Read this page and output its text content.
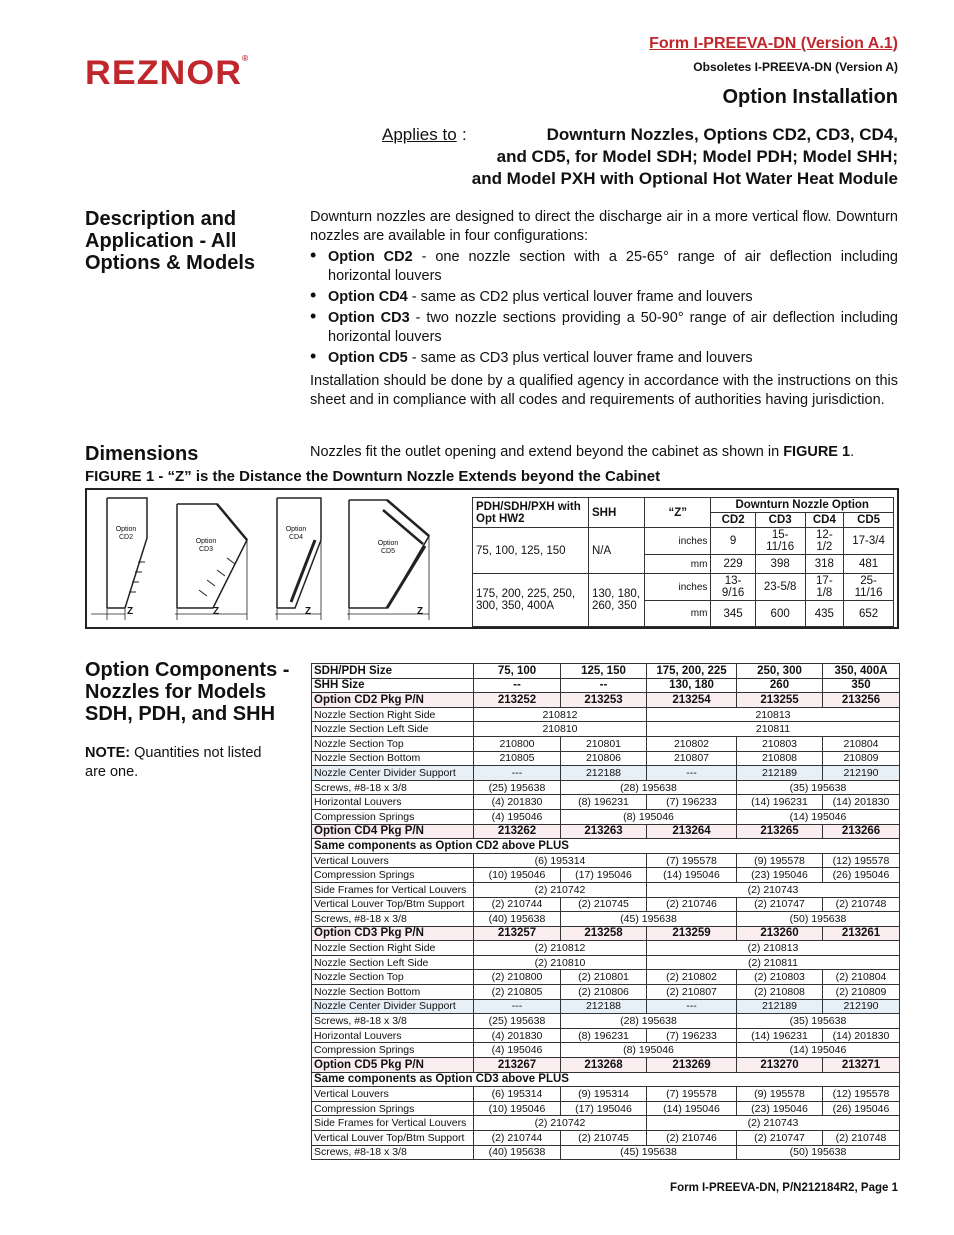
REZNOR®
Form I-PREEVA-DN (Version A.1)
Obsoletes I-PREEVA-DN (Version A)
Option Installation
Applies to :	Downturn Nozzles, Options CD2, CD3, CD4,
and CD5, for Model SDH; Model PDH; Model SHH;
and Model PXH with Optional Hot Water Heat Module
Description and Application - All Options & Models
Downturn nozzles are designed to direct the discharge air in a more vertical flow. Downturn nozzles are available in four configurations:
• Option CD2 - one nozzle section with a 25-65° range of air deflection including horizontal louvers
• Option CD4 - same as CD2 plus vertical louver frame and louvers
• Option CD3 - two nozzle sections providing a 50-90° range of air deflection including horizontal louvers
• Option CD5 - same as CD3 plus vertical louver frame and louvers
Installation should be done by a qualified agency in accordance with the instructions on this sheet and in compliance with all codes and requirements of authorities having jurisdiction.
Dimensions	Nozzles fit the outlet opening and extend beyond the cabinet as shown in FIGURE 1.
FIGURE 1 - “Z” is the Distance the Downturn Nozzle Extends beyond the Cabinet
Option
CD2
Option
CD3
Option
CD4
Option
CD5
Z	Z	Z	Z
PDH/SDH/PXH with Opt HW2	SHH	“Z”	Downturn Nozzle Option			
			CD2	CD3	CD4	CD5
75, 100, 125, 150	N/A	inches	9	15-11/16	12-1/2	17-3/4
		mm	229	398	318	481
175, 200, 225, 250, 300, 350, 400A	130, 180, 260, 350	inches	13-9/16	23-5/8	17-1/8	25-11/16
		mm	345	600	435	652
Option Components - Nozzles for Models SDH, PDH, and SHH
NOTE: Quantities not listed are one.
SDH/PDH Size	75, 100	125, 150	175, 200, 225	250, 300	350, 400A
SHH Size	--	--	130, 180	260	350
Option CD2 Pkg P/N	213252	213253	213254	213255	213256
Nozzle Section Right Side	210812		210813		
Nozzle Section Left Side	210810		210811		
Nozzle Section Top	210800	210801	210802	210803	210804
Nozzle Section Bottom	210805	210806	210807	210808	210809
Nozzle Center Divider Support	---	212188	---	212189	212190
Screws, #8-18 x 3/8	(25) 195638	(28) 195638		(35) 195638	
Horizontal Louvers	(4) 201830	(8) 196231	(7) 196233	(14) 196231	(14) 201830
Compression Springs	(4) 195046	(8) 195046		(14) 195046	
Option CD4 Pkg P/N	213262	213263	213264	213265	213266
Same components as Option CD2 above PLUS					
Vertical Louvers	(6) 195314		(7) 195578	(9) 195578	(12) 195578
Compression Springs	(10) 195046	(17) 195046	(14) 195046	(23) 195046	(26) 195046
Side Frames for Vertical Louvers	(2) 210742		(2) 210743		
Vertical Louver Top/Btm Support	(2) 210744	(2) 210745	(2) 210746	(2) 210747	(2) 210748
Screws, #8-18 x 3/8	(40) 195638	(45) 195638		(50) 195638	
Option CD3 Pkg P/N	213257	213258	213259	213260	213261
Nozzle Section Right Side	(2) 210812		(2) 210813		
Nozzle Section Left Side	(2) 210810		(2) 210811		
Nozzle Section Top	(2) 210800	(2) 210801	(2) 210802	(2) 210803	(2) 210804
Nozzle Section Bottom	(2) 210805	(2) 210806	(2) 210807	(2) 210808	(2) 210809
Nozzle Center Divider Support	---	212188	---	212189	212190
Screws, #8-18 x 3/8	(25) 195638	(28) 195638		(35) 195638	
Horizontal Louvers	(4) 201830	(8) 196231	(7) 196233	(14) 196231	(14) 201830
Compression Springs	(4) 195046	(8) 195046		(14) 195046	
Option CD5 Pkg P/N	213267	213268	213269	213270	213271
Same components as Option CD3 above PLUS					
Vertical Louvers	(6) 195314	(9) 195314	(7) 195578	(9) 195578	(12) 195578
Compression Springs	(10) 195046	(17) 195046	(14) 195046	(23) 195046	(26) 195046
Side Frames for Vertical Louvers	(2) 210742		(2) 210743		
Vertical Louver Top/Btm Support	(2) 210744	(2) 210745	(2) 210746	(2) 210747	(2) 210748
Screws, #8-18 x 3/8	(40) 195638	(45) 195638		(50) 195638	
Form I-PREEVA-DN, P/N212184R2, Page 1
